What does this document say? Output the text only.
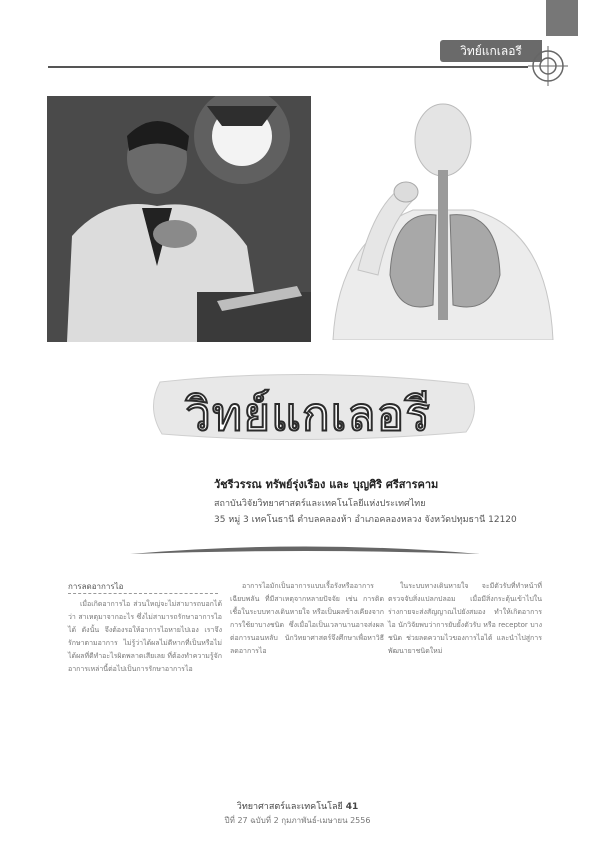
วิทย์แกเลอรี
วิทย์แกเลอรี
วัชรีวรรณ ทรัพย์รุ่งเรือง และ บุญศิริ ศรีสารคาม
สถาบันวิจัยวิทยาศาสตร์และเทคโนโลยีแห่งประเทศไทย
35 หมู่ 3 เทคโนธานี ตำบลคลองห้า อำเภอคลองหลวง จังหวัดปทุมธานี 12120
การลดอาการไอ

เมื่อเกิดอาการไอ ส่วนใหญ่จะไม่สามารถบอกได้ว่า สาเหตุมาจากอะไร ซึ่งไม่สามารถรักษาอาการไอได้ ดังนั้น จึงต้องรอให้อาการไอหายไปเอง เราจึงรักษาตามอาการ ไม่รู้ว่าได้ผลไม่ดีหากที่เป็นหรือไม่ได้ผลที่ดีทำอะไรผิดพลาดเสียเลย ที่ต้องทำความรู้จักอาการเหล่านี้ต่อไปเป็นการรักษาอาการไอ

อาการไอมักเป็นอาการแบบเรื้อรังหรืออาการเฉียบพลัน ที่มีสาเหตุจากหลายปัจจัย เช่น การติดเชื้อในระบบทางเดินหายใจ หรือเป็นผลข้างเคียงจากการใช้ยาบางชนิด ซึ่งเมื่อไอเป็นเวลานานอาจส่งผลต่อการนอนหลับ นักวิทยาศาสตร์จึงศึกษาเพื่อหาวิธีลดอาการไอ

ในระบบทางเดินหายใจ จะมีตัวรับที่ทำหน้าที่ตรวจจับสิ่งแปลกปลอม เมื่อมีสิ่งกระตุ้นเข้าไปในร่างกายจะส่งสัญญาณไปยังสมอง ทำให้เกิดอาการไอ นักวิจัยพบว่าการยับยั้งตัวรับ หรือ receptor บางชนิด ช่วยลดความไวของการไอได้ และนำไปสู่การพัฒนายาชนิดใหม่

วิทยาศาสตร์และเทคโนโลยี 41
ปีที่ 27 ฉบับที่ 2 กุมภาพันธ์-เมษายน 2556
